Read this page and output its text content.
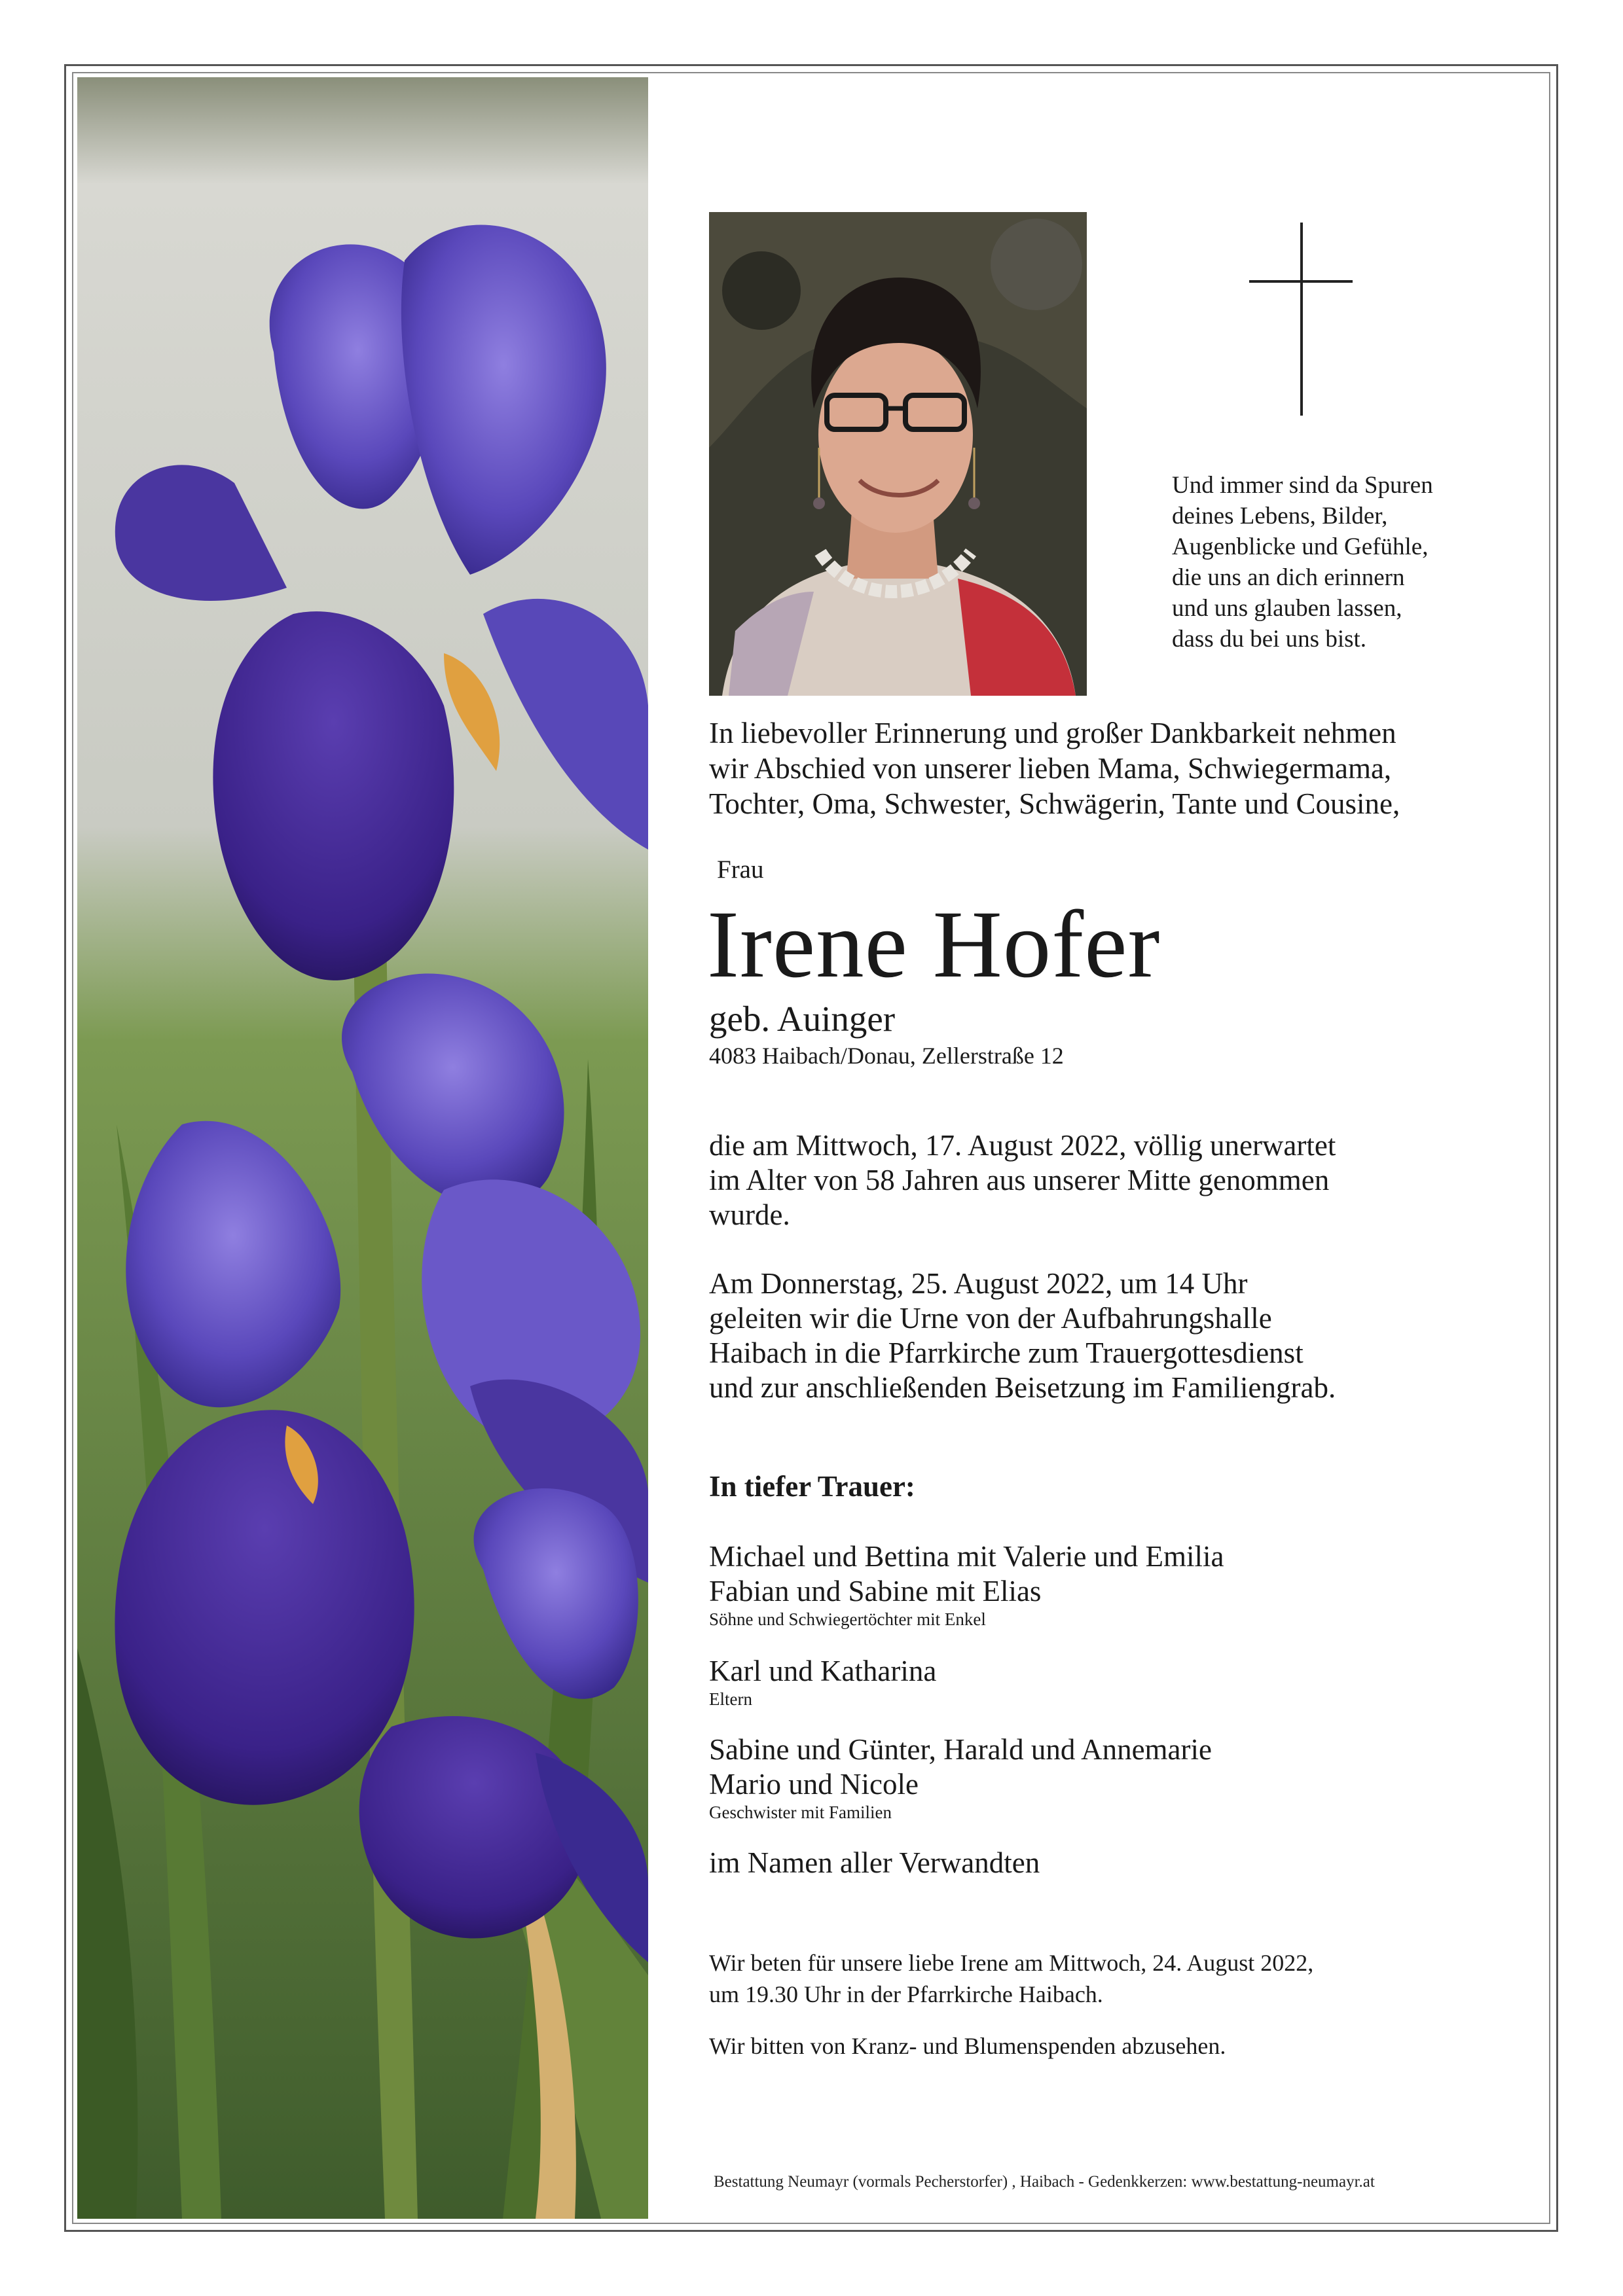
Und immer sind da Spuren
deines Lebens, Bilder,
Augenblicke und Gefühle,
die uns an dich erinnern
und uns glauben lassen,
dass du bei uns bist.
In liebevoller Erinnerung und großer Dankbarkeit nehmen
wir Abschied von unserer lieben Mama, Schwiegermama,
Tochter, Oma, Schwester, Schwägerin, Tante und Cousine,
Frau
Irene Hofer
geb. Auinger
4083 Haibach/Donau, Zellerstraße 12
die am Mittwoch, 17. August 2022, völlig unerwartet
im Alter von 58 Jahren aus unserer Mitte genommen
wurde.
Am Donnerstag, 25. August 2022, um 14 Uhr
geleiten wir die Urne von der Aufbahrungshalle
Haibach in die Pfarrkirche zum Trauergottesdienst
und zur anschließenden Beisetzung im Familiengrab.
In tiefer Trauer:
Michael und Bettina mit Valerie und Emilia
Fabian und Sabine mit Elias
Söhne und Schwiegertöchter mit Enkel
Karl und Katharina
Eltern
Sabine und Günter, Harald und Annemarie
Mario und Nicole
Geschwister mit Familien
im Namen aller Verwandten
Wir beten für unsere liebe Irene am Mittwoch, 24. August 2022,
um 19.30 Uhr in der Pfarrkirche Haibach.
Wir bitten von Kranz- und Blumenspenden abzusehen.
Bestattung Neumayr (vormals Pecherstorfer) , Haibach - Gedenkkerzen: www.bestattung-neumayr.at
